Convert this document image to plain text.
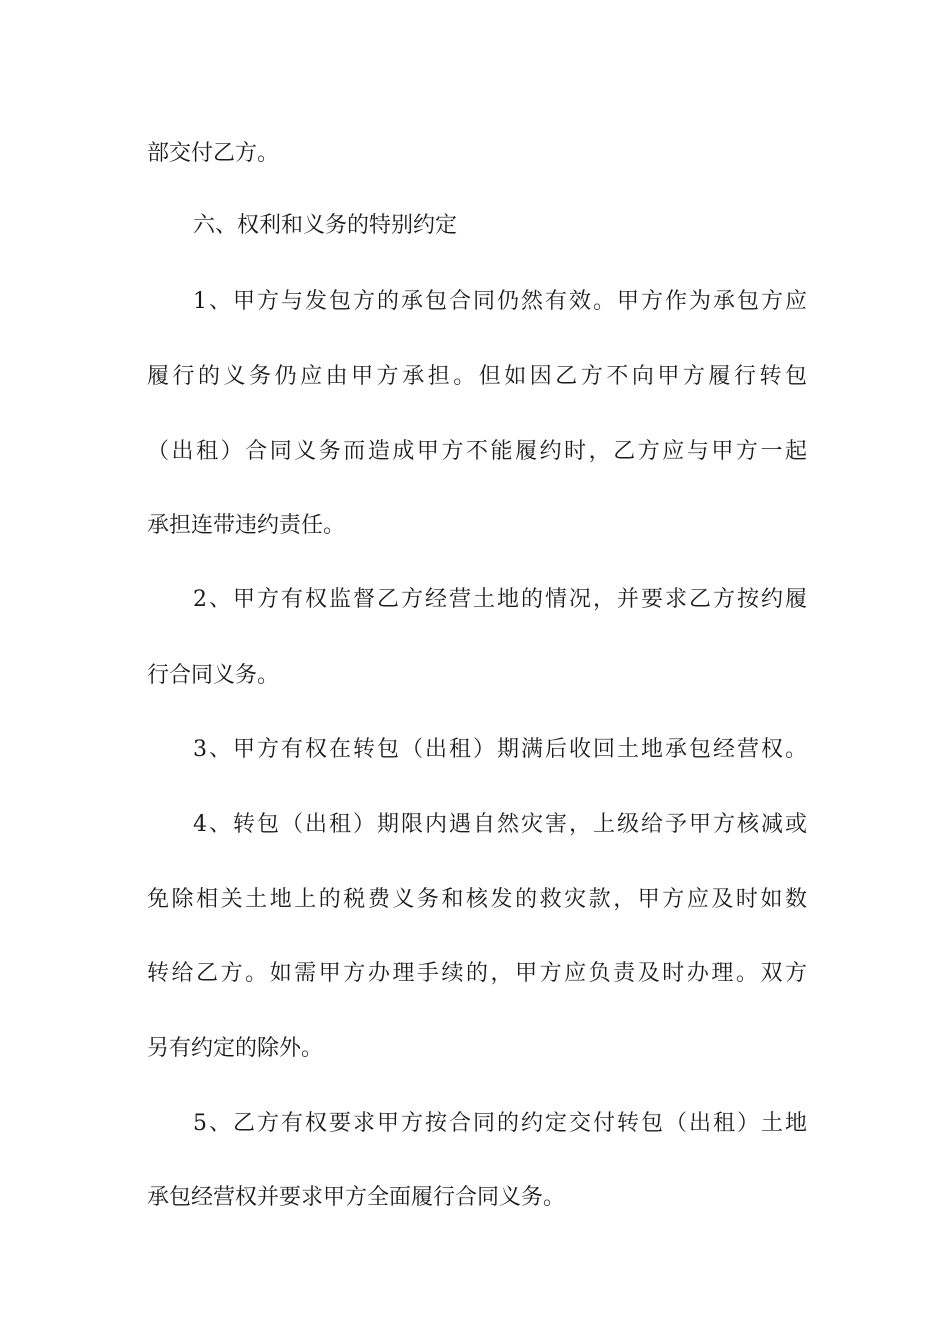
部交付乙方。
六、权利和义务的特别约定
1、甲方与发包方的承包合同仍然有效。甲方作为承包方应
履行的义务仍应由甲方承担。但如因乙方不向甲方履行转包
（出租）合同义务而造成甲方不能履约时，乙方应与甲方一起
承担连带违约责任。
2、甲方有权监督乙方经营土地的情况，并要求乙方按约履
行合同义务。
3、甲方有权在转包（出租）期满后收回土地承包经营权。
4、转包（出租）期限内遇自然灾害，上级给予甲方核减或
免除相关土地上的税费义务和核发的救灾款，甲方应及时如数
转给乙方。如需甲方办理手续的，甲方应负责及时办理。双方
另有约定的除外。
5、乙方有权要求甲方按合同的约定交付转包（出租）土地
承包经营权并要求甲方全面履行合同义务。
